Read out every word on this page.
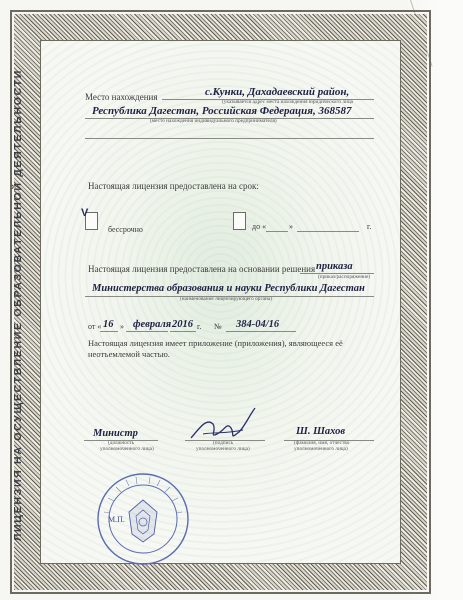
ЛИЦЕНЗИЯ НА ОСУЩЕСТВЛЕНИЕ ОБРАЗОВАТЕЛЬНОЙ ДЕЯТЕЛЬНОСТИ	Место нахождения	с.Кунки, Дахадаевский район,
(указывается адрес места нахождения юридического лица
Республика Дагестан, Российская Федерация, 368587
(место нахождения индивидуального предпринимателя)
Настоящая лицензия предоставлена на срок:
V
бессрочно	до «	»	г.
Настоящая лицензия предоставлена на основании решения приказа
(приказ/распоряжение)
Министерства образования и науки Республики Дагестан
(наименование лицензирующего органа)
от « 16 » февраля 2016 г. № 384-04/16
Настоящая лицензия имеет приложение (приложения), являющееся её
неотъемлемой частью.
Министр
(должность
уполномоченного лица)
(подпись
уполномоченного лица)
Ш. Шахов
(фамилия, имя, отчество
уполномоченного лица)
М.П.
